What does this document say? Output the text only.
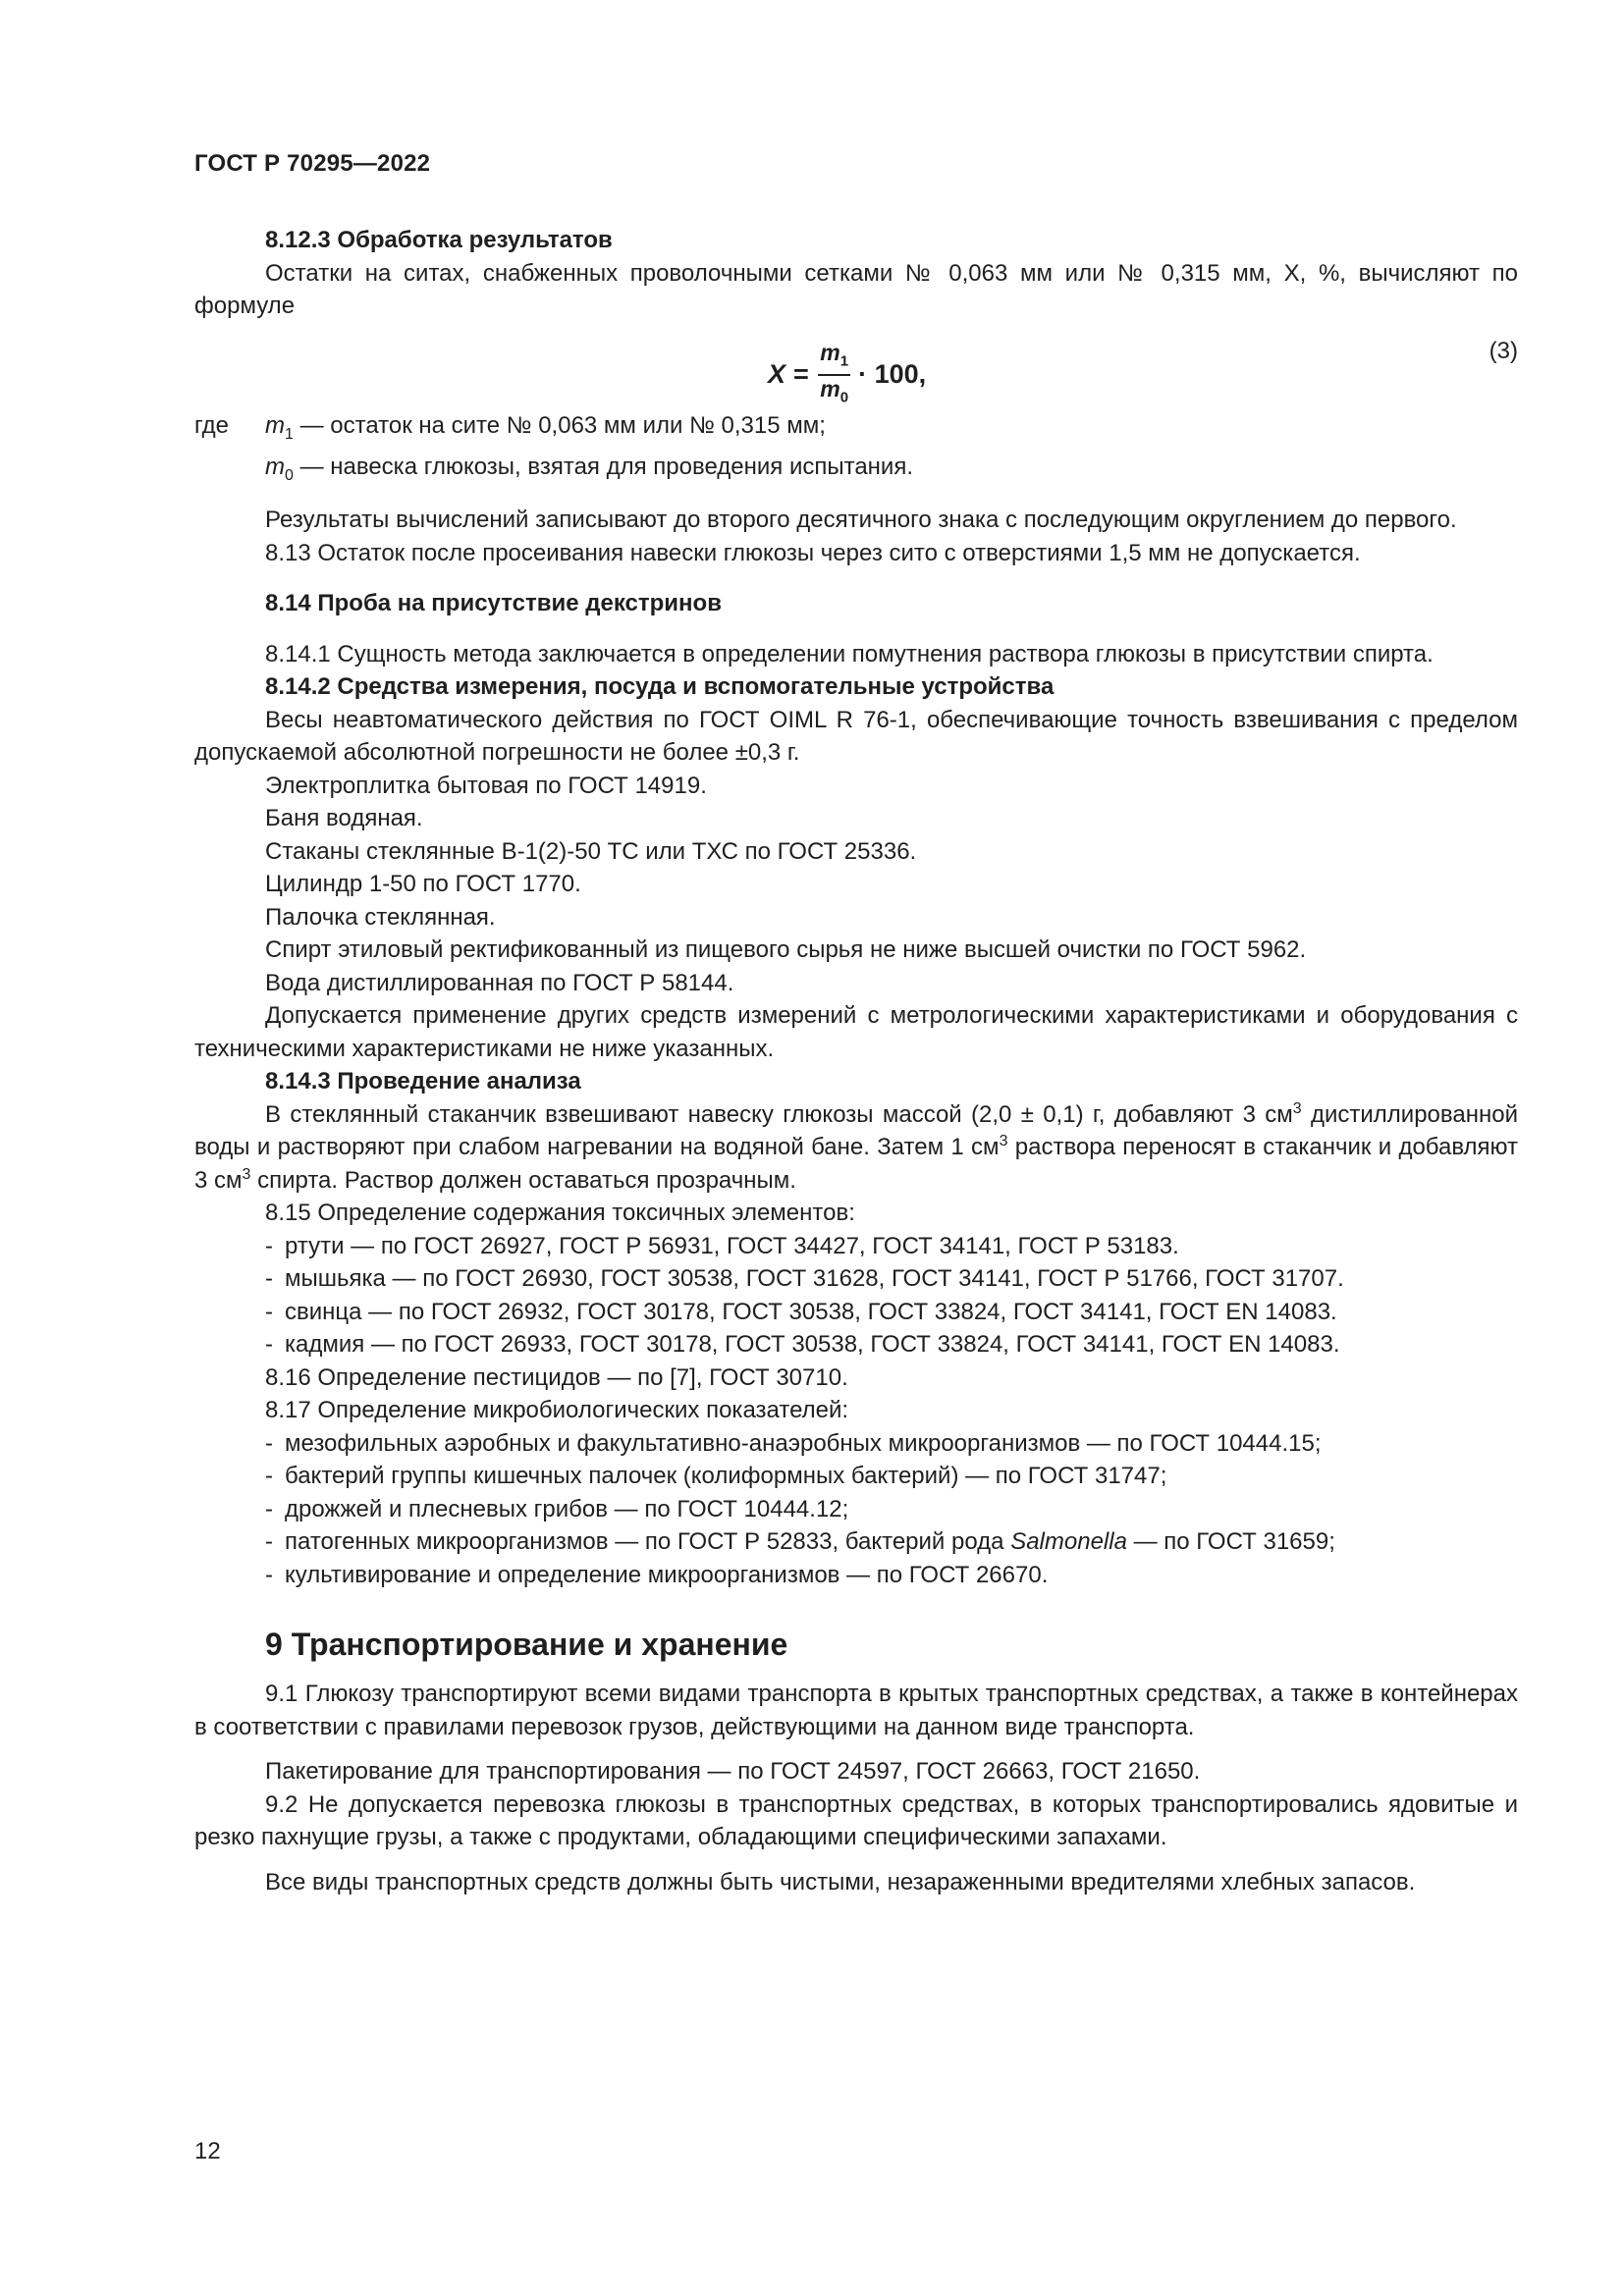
ГОСТ Р 70295—2022

8.12.3 Обработка результатов

Остатки на ситах, снабженных проволочными сетками № 0,063 мм или № 0,315 мм, X, %, вычисляют по формуле

$X = \frac{m_1}{m_0} \cdot 100$,
(3)
где	$m_1$ — остаток на сите № 0,063 мм или № 0,315 мм;
$m_0$ — навеска глюкозы, взятая для проведения испытания.

Результаты вычислений записывают до второго десятичного знака с последующим округлением до первого.

8.13 Остаток после просеивания навески глюкозы через сито с отверстиями 1,5 мм не допускается.

8.14 Проба на присутствие декстринов

8.14.1 Сущность метода заключается в определении помутнения раствора глюкозы в присутствии спирта.

8.14.2 Средства измерения, посуда и вспомогательные устройства

Весы неавтоматического действия по ГОСТ OIML R 76-1, обеспечивающие точность взвешивания с пределом допускаемой абсолютной погрешности не более ±0,3 г.

Электроплитка бытовая по ГОСТ 14919.

Баня водяная.

Стаканы стеклянные В-1(2)-50 ТС или ТХС по ГОСТ 25336.

Цилиндр 1-50 по ГОСТ 1770.

Палочка стеклянная.

Спирт этиловый ректификованный из пищевого сырья не ниже высшей очистки по ГОСТ 5962.

Вода дистиллированная по ГОСТ Р 58144.

Допускается применение других средств измерений с метрологическими характеристиками и оборудования с техническими характеристиками не ниже указанных.

8.14.3 Проведение анализа

В стеклянный стаканчик взвешивают навеску глюкозы массой (2,0 ± 0,1) г, добавляют 3 $см^3$ дистиллированной воды и растворяют при слабом нагревании на водяной бане. Затем 1 $см^3$ раствора переносят в стаканчик и добавляют 3 $см^3$ спирта. Раствор должен оставаться прозрачным.

8.15 Определение содержания токсичных элементов:

- ртути — по ГОСТ 26927, ГОСТ Р 56931, ГОСТ 34427, ГОСТ 34141, ГОСТ Р 53183.

- мышьяка — по ГОСТ 26930, ГОСТ 30538, ГОСТ 31628, ГОСТ 34141, ГОСТ Р 51766, ГОСТ 31707.

- свинца — по ГОСТ 26932, ГОСТ 30178, ГОСТ 30538, ГОСТ 33824, ГОСТ 34141, ГОСТ EN 14083.

- кадмия — по ГОСТ 26933, ГОСТ 30178, ГОСТ 30538, ГОСТ 33824, ГОСТ 34141, ГОСТ EN 14083.

8.16 Определение пестицидов — по [7], ГОСТ 30710.

8.17 Определение микробиологических показателей:

- мезофильных аэробных и факультативно-анаэробных микроорганизмов — по ГОСТ 10444.15;

- бактерий группы кишечных палочек (колиформных бактерий) — по ГОСТ 31747;

- дрожжей и плесневых грибов — по ГОСТ 10444.12;

- патогенных микроорганизмов — по ГОСТ Р 52833, бактерий рода Salmonella — по ГОСТ 31659;

- культивирование и определение микроорганизмов — по ГОСТ 26670.

9 Транспортирование и хранение

9.1 Глюкозу транспортируют всеми видами транспорта в крытых транспортных средствах, а также в контейнерах в соответствии с правилами перевозок грузов, действующими на данном виде транспорта.

Пакетирование для транспортирования — по ГОСТ 24597, ГОСТ 26663, ГОСТ 21650.

9.2 Не допускается перевозка глюкозы в транспортных средствах, в которых транспортировались ядовитые и резко пахнущие грузы, а также с продуктами, обладающими специфическими запахами.

Все виды транспортных средств должны быть чистыми, незараженными вредителями хлебных запасов.

12
